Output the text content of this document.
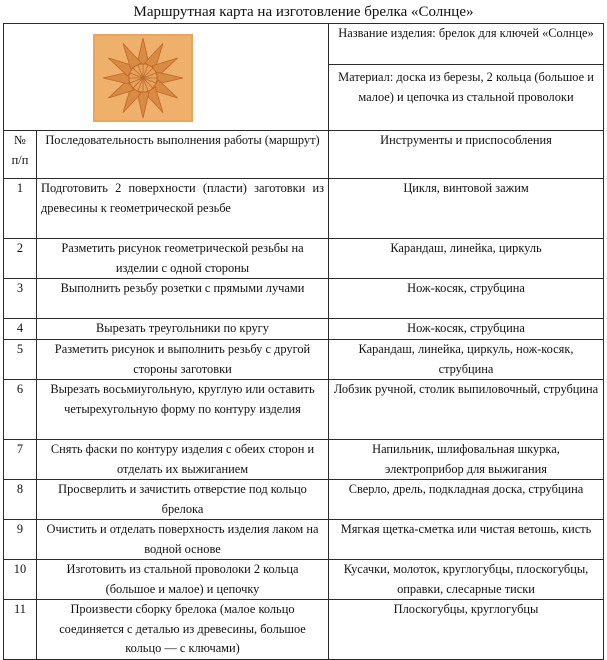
Маршрутная карта на изготовление брелка «Солнце»
	Название изделия: брелок для ключей «Солнце»
		Материал: доска из березы, 2 кольца (большое и малое) и цепочка из стальной проволоки
№ п/п	Последовательность выполнения работы (маршрут)	Инструменты и приспособления
1	Подготовить 2 поверхности (пласти) заготовки из древесины к геометрической резьбе	Цикля, винтовой зажим
2	Разметить рисунок геометрической резьбы на изделии с одной стороны	Карандаш, линейка, циркуль
3	Выполнить резьбу розетки с прямыми лучами	Нож-косяк, струбцина
4	Вырезать треугольники по кругу	Нож-косяк, струбцина
5	Разметить рисунок и выполнить резьбу с другой стороны заготовки	Карандаш, линейка, циркуль, нож-косяк, струбцина
6	Вырезать восьмиугольную, круглую или оставить четырехугольную форму по контуру изделия	Лобзик ручной, столик выпиловочный, струбцина
7	Снять фаски по контуру изделия с обеих сторон и отделать их выжиганием	Напильник, шлифовальная шкурка, электроприбор для выжигания
8	Просверлить и зачистить отверстие под кольцо брелока	Сверло, дрель, подкладная доска, струбцина
9	Очистить и отделать поверхность изделия лаком на водной основе	Мягкая щетка-сметка или чистая ветошь, кисть
10	Изготовить из стальной проволоки 2 кольца (большое и малое) и цепочку	Кусачки, молоток, круглогубцы, плоскогубцы, оправки, слесарные тиски
11	Произвести сборку брелока (малое кольцо соединяется с деталью из древесины, большое кольцо — с ключами)	Плоскогубцы, круглогубцы
